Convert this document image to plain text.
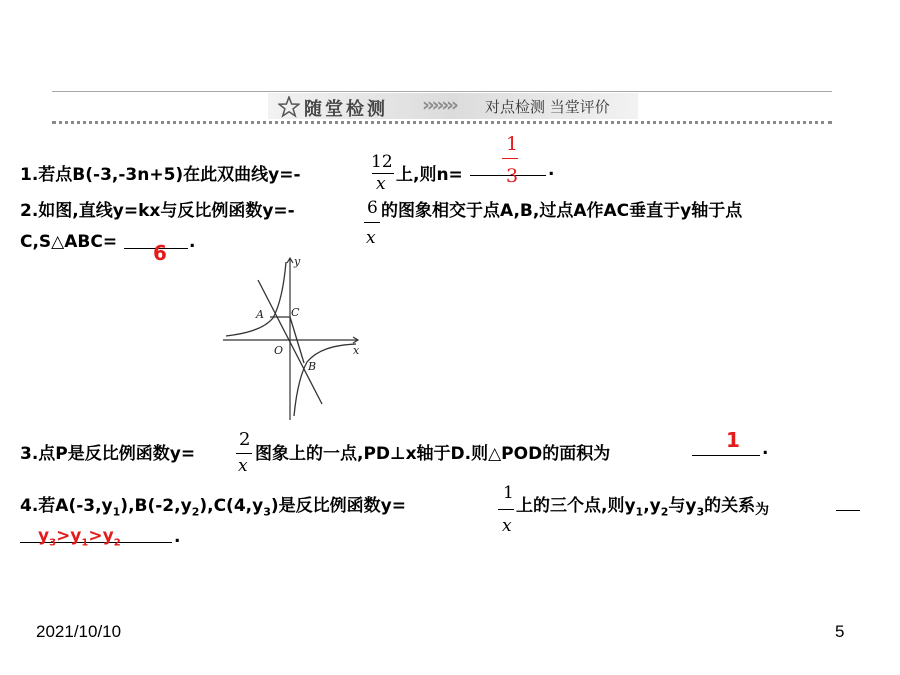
随堂检测 ››››››› 对点检测 当堂评价
1.若点B(-3,-3n+5)在此双曲线y=-
12
x 上,则n=
1
3 .
2.如图,直线y=kx与反比例函数y=-	6
x
的图象相交于点A,B,过点A作AC垂直于y轴于点
C,S△ABC= 6 .
y
x
A C
O
B
3.点P是反比例函数y=
2
x
图象上的一点,PD⊥x轴于D.则△POD的面积为
1 .
4.若$A(-3,y_1),B(-2,y_2),C(4,y_3)$是反比例函数y=
1
x
上的三个点,则$y_1,y_2$与$y_3$的关系为
$y_3>y_1>y_2$	.
2021/10/10	5
